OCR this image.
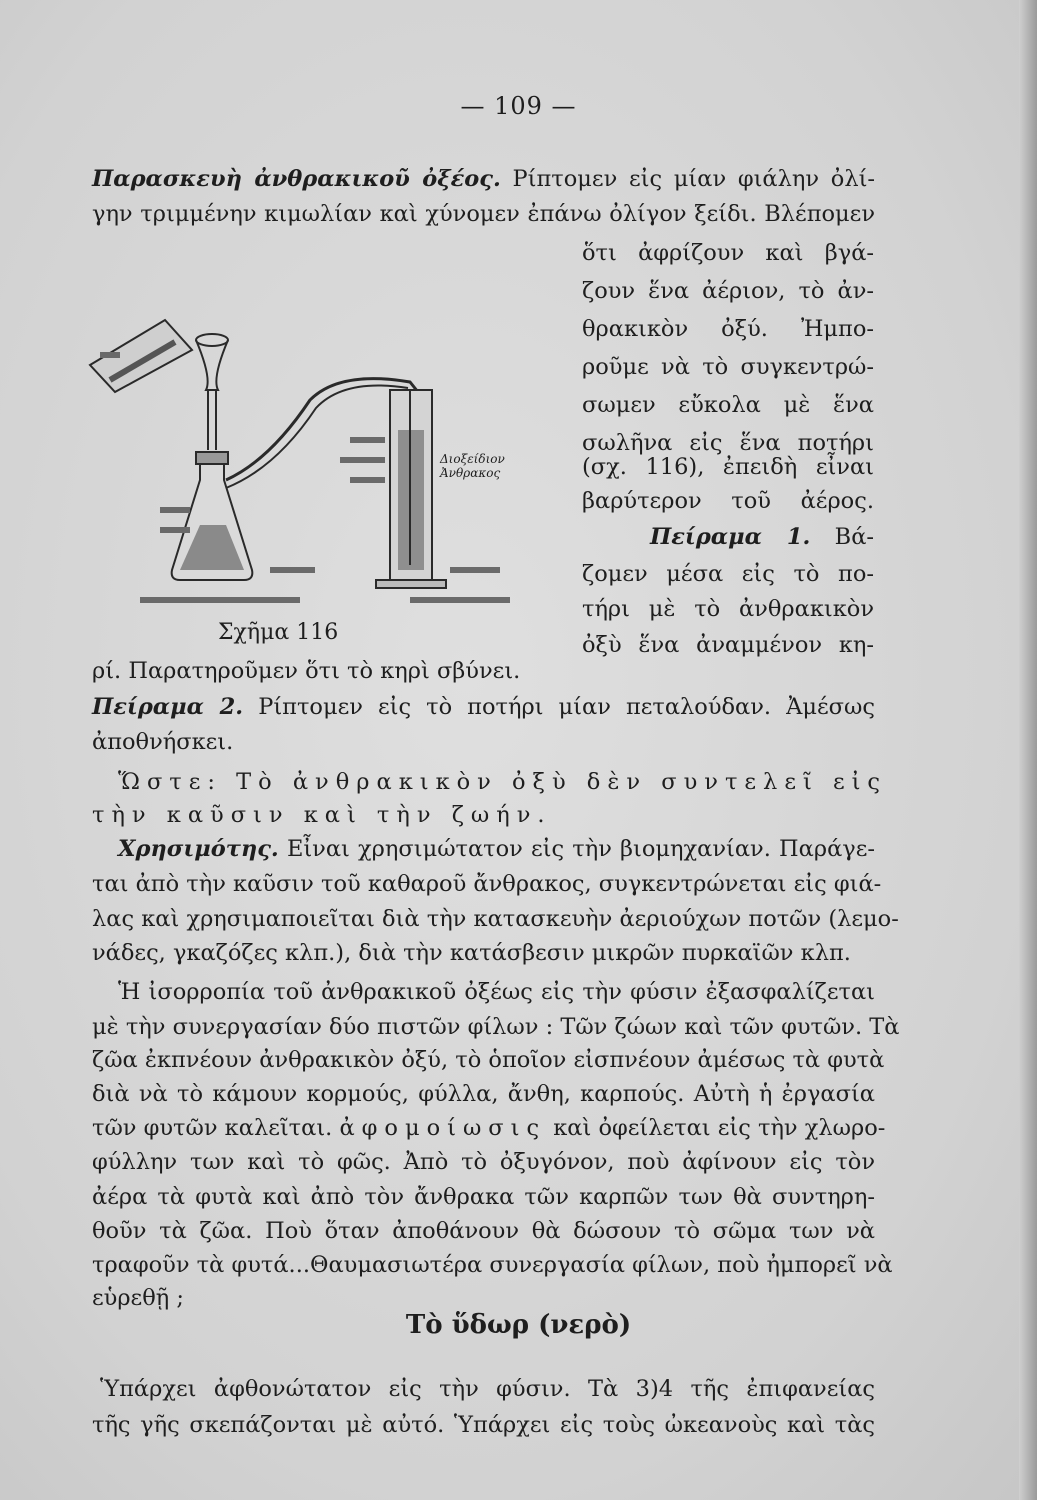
— 109 —
Παρασκευὴ ἀνθρακικοῦ ὀξέος. Ρίπτομεν εἰς μίαν φιάλην ὀλί-
γην τριμμένην κιμωλίαν καὶ χύνομεν ἐπάνω ὀλίγον ξείδι. Βλέπομεν
ὅτι ἀφρίζουν καὶ βγά-
ζουν ἕνα ἀέριον, τὸ ἀν-
θρακικὸν ὀξύ. Ἠμπο-
ροῦμε νὰ τὸ συγκεντρώ-
σωμεν εὔκολα μὲ ἕνα
σωλῆνα εἰς ἕνα ποτήρι
(σχ. 116), ἐπειδὴ εἶναι
βαρύτερον τοῦ ἀέρος.
Πείραμα 1. Βά-
ζομεν μέσα εἰς τὸ πο-
τήρι μὲ τὸ ἀνθρακικὸν
ὀξὺ ἕνα ἀναμμένον κη-
Διοξείδιον
Ἀνθρακος
Σχῆμα 116
ρί. Παρατηροῦμεν ὅτι τὸ κηρὶ σβύνει.
Πείραμα 2. Ρίπτομεν εἰς τὸ ποτήρι μίαν πεταλούδαν. Ἀμέσως
ἀποθνήσκει.
Ὥστε: Τὸ ἀνθρακικὸν ὀξὺ δὲν συντελεῖ εἰς
τὴν καῦσιν καὶ τὴν ζωήν.
Χρησιμότης. Εἶναι χρησιμώτατον εἰς τὴν βιομηχανίαν. Παράγε-
ται ἀπὸ τὴν καῦσιν τοῦ καθαροῦ ἄνθρακος, συγκεντρώνεται εἰς φιά-
λας καὶ χρησιμαποιεῖται διὰ τὴν κατασκευὴν ἀεριούχων ποτῶν (λεμο-
νάδες, γκαζόζες κλπ.), διὰ τὴν κατάσβεσιν μικρῶν πυρκαϊῶν κλπ.
Ἡ ἰσορροπία τοῦ ἀνθρακικοῦ ὀξέως εἰς τὴν φύσιν ἐξασφαλίζεται
μὲ τὴν συνεργασίαν δύο πιστῶν φίλων : Τῶν ζώων καὶ τῶν φυτῶν. Τὰ
ζῶα ἐκπνέουν ἀνθρακικὸν ὀξύ, τὸ ὁποῖον εἰσπνέουν ἀμέσως τὰ φυτὰ
διὰ νὰ τὸ κάμουν κορμούς, φύλλα, ἄνθη, καρπούς. Αὐτὴ ἡ ἐργασία
τῶν φυτῶν καλεῖται. ἀφομοίωσις καὶ ὀφείλεται εἰς τὴν χλωρο-
φύλλην των καὶ τὸ φῶς. Ἀπὸ τὸ ὀξυγόνον, ποὺ ἀφίνουν εἰς τὸν
ἀέρα τὰ φυτὰ καὶ ἀπὸ τὸν ἄνθρακα τῶν καρπῶν των θὰ συντηρη-
θοῦν τὰ ζῶα. Ποὺ ὅταν ἀποθάνουν θὰ δώσουν τὸ σῶμα των νὰ
τραφοῦν τὰ φυτά...Θαυμασιωτέρα συνεργασία φίλων, ποὺ ἠμπορεῖ νὰ
εὑρεθῇ ;
Τὸ ὕδωρ (νερὸ)
Ὑπάρχει ἀφθονώτατον εἰς τὴν φύσιν. Τὰ 3)4 τῆς ἐπιφανείας
τῆς γῆς σκεπάζονται μὲ αὐτό. Ὑπάρχει εἰς τοὺς ὠκεανοὺς καὶ τὰς
